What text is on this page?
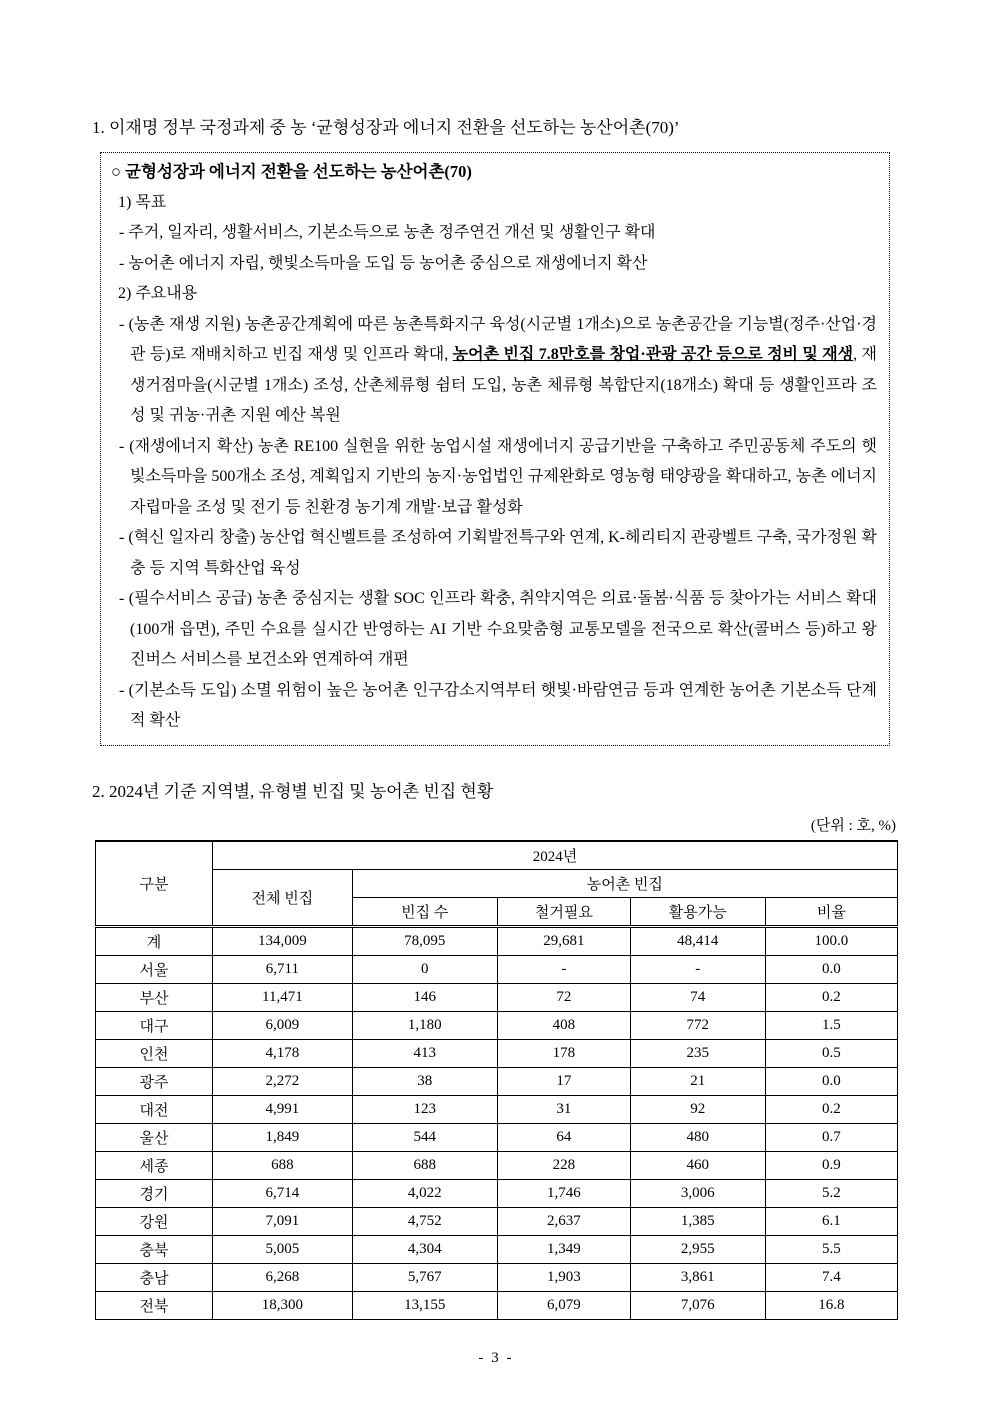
1. 이재명 정부 국정과제 중 농 ‘균형성장과 에너지 전환을 선도하는 농산어촌(70)’

○ 균형성장과 에너지 전환을 선도하는 농산어촌(70)
1) 목표
- 주거, 일자리, 생활서비스, 기본소득으로 농촌 정주연건 개선 및 생활인구 확대
- 농어촌 에너지 자립, 햇빛소득마을 도입 등 농어촌 중심으로 재생에너지 확산
2) 주요내용
- (농촌 재생 지원) 농촌공간계획에 따른 농촌특화지구 육성(시군별 1개소)으로 농촌공간을 기능별(정주·산업·경관 등)로 재배치하고 빈집 재생 및 인프라 확대, 농어촌 빈집 7.8만호를 창업·관광 공간 등으로 정비 및 재생, 재생거점마을(시군별 1개소) 조성, 산촌체류형 쉼터 도입, 농촌 체류형 복합단지(18개소) 확대 등 생활인프라 조성 및 귀농·귀촌 지원 예산 복원
- (재생에너지 확산) 농촌 RE100 실현을 위한 농업시설 재생에너지 공급기반을 구축하고 주민공동체 주도의 햇빛소득마을 500개소 조성, 계획입지 기반의 농지·농업법인 규제완화로 영농형 태양광을 확대하고, 농촌 에너지자립마을 조성 및 전기 등 친환경 농기계 개발·보급 활성화
- (혁신 일자리 창출) 농산업 혁신벨트를 조성하여 기획발전특구와 연계, K-헤리티지 관광벨트 구축, 국가정원 확충 등 지역 특화산업 육성
- (필수서비스 공급) 농촌 중심지는 생활 SOC 인프라 확충, 취약지역은 의료·돌봄·식품 등 찾아가는 서비스 확대(100개 읍면), 주민 수요를 실시간 반영하는 AI 기반 수요맞춤형 교통모델을 전국으로 확산(콜버스 등)하고 왕진버스 서비스를 보건소와 연계하여 개편
- (기본소득 도입) 소멸 위험이 높은 농어촌 인구감소지역부터 햇빛·바람연금 등과 연계한 농어촌 기본소득 단계적 확산

2. 2024년 기준 지역별, 유형별 빈집 및 농어촌 빈집 현황

(단위 : 호, %)
구분	2024년				
	전체 빈집	농어촌 빈집			
		빈집 수	철거필요	활용가능	비율
계	134,009	78,095	29,681	48,414	100.0
서울	6,711	0	-	-	0.0
부산	11,471	146	72	74	0.2
대구	6,009	1,180	408	772	1.5
인천	4,178	413	178	235	0.5
광주	2,272	38	17	21	0.0
대전	4,991	123	31	92	0.2
울산	1,849	544	64	480	0.7
세종	688	688	228	460	0.9
경기	6,714	4,022	1,746	3,006	5.2
강원	7,091	4,752	2,637	1,385	6.1
충북	5,005	4,304	1,349	2,955	5.5
충남	6,268	5,767	1,903	3,861	7.4
전북	18,300	13,155	6,079	7,076	16.8
- 3 -
